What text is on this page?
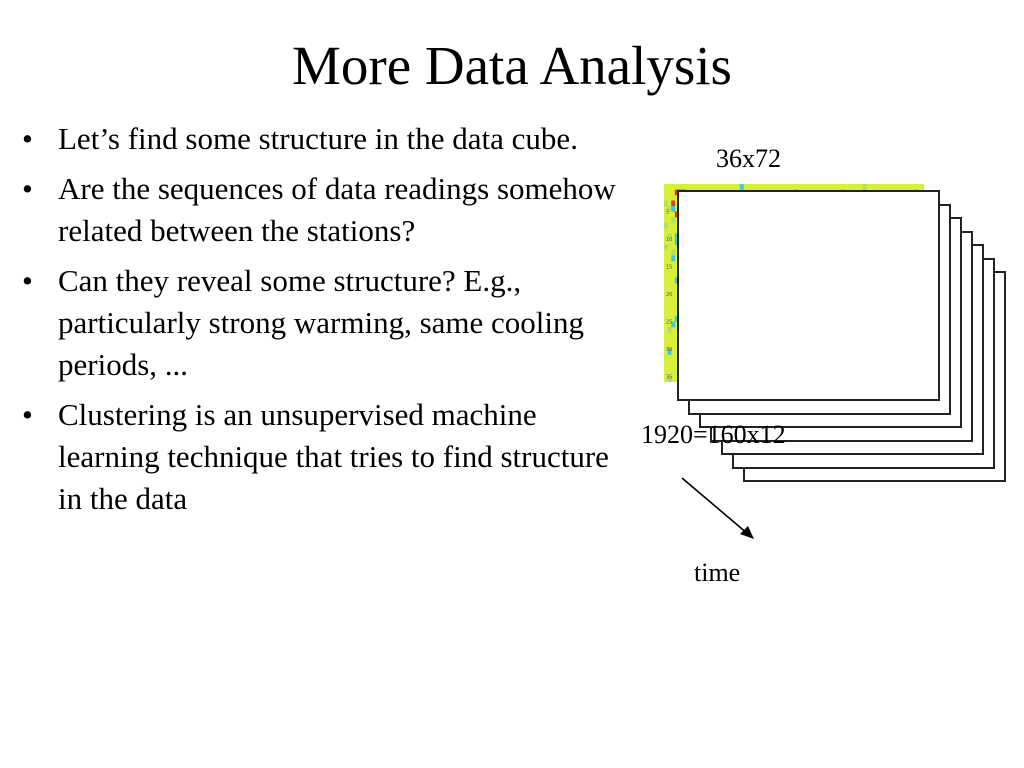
More Data Analysis
• Let’s find some structure in the data cube.
• Are the sequences of data readings somehow related between the stations?
• Can they reveal some structure? E.g., particularly strong warming, same cooling periods, ...
• Clustering is an unsupervised machine learning technique that tries to find structure in the data
36x72
5
10
15
20
25
30
35
1920=160x12
time
